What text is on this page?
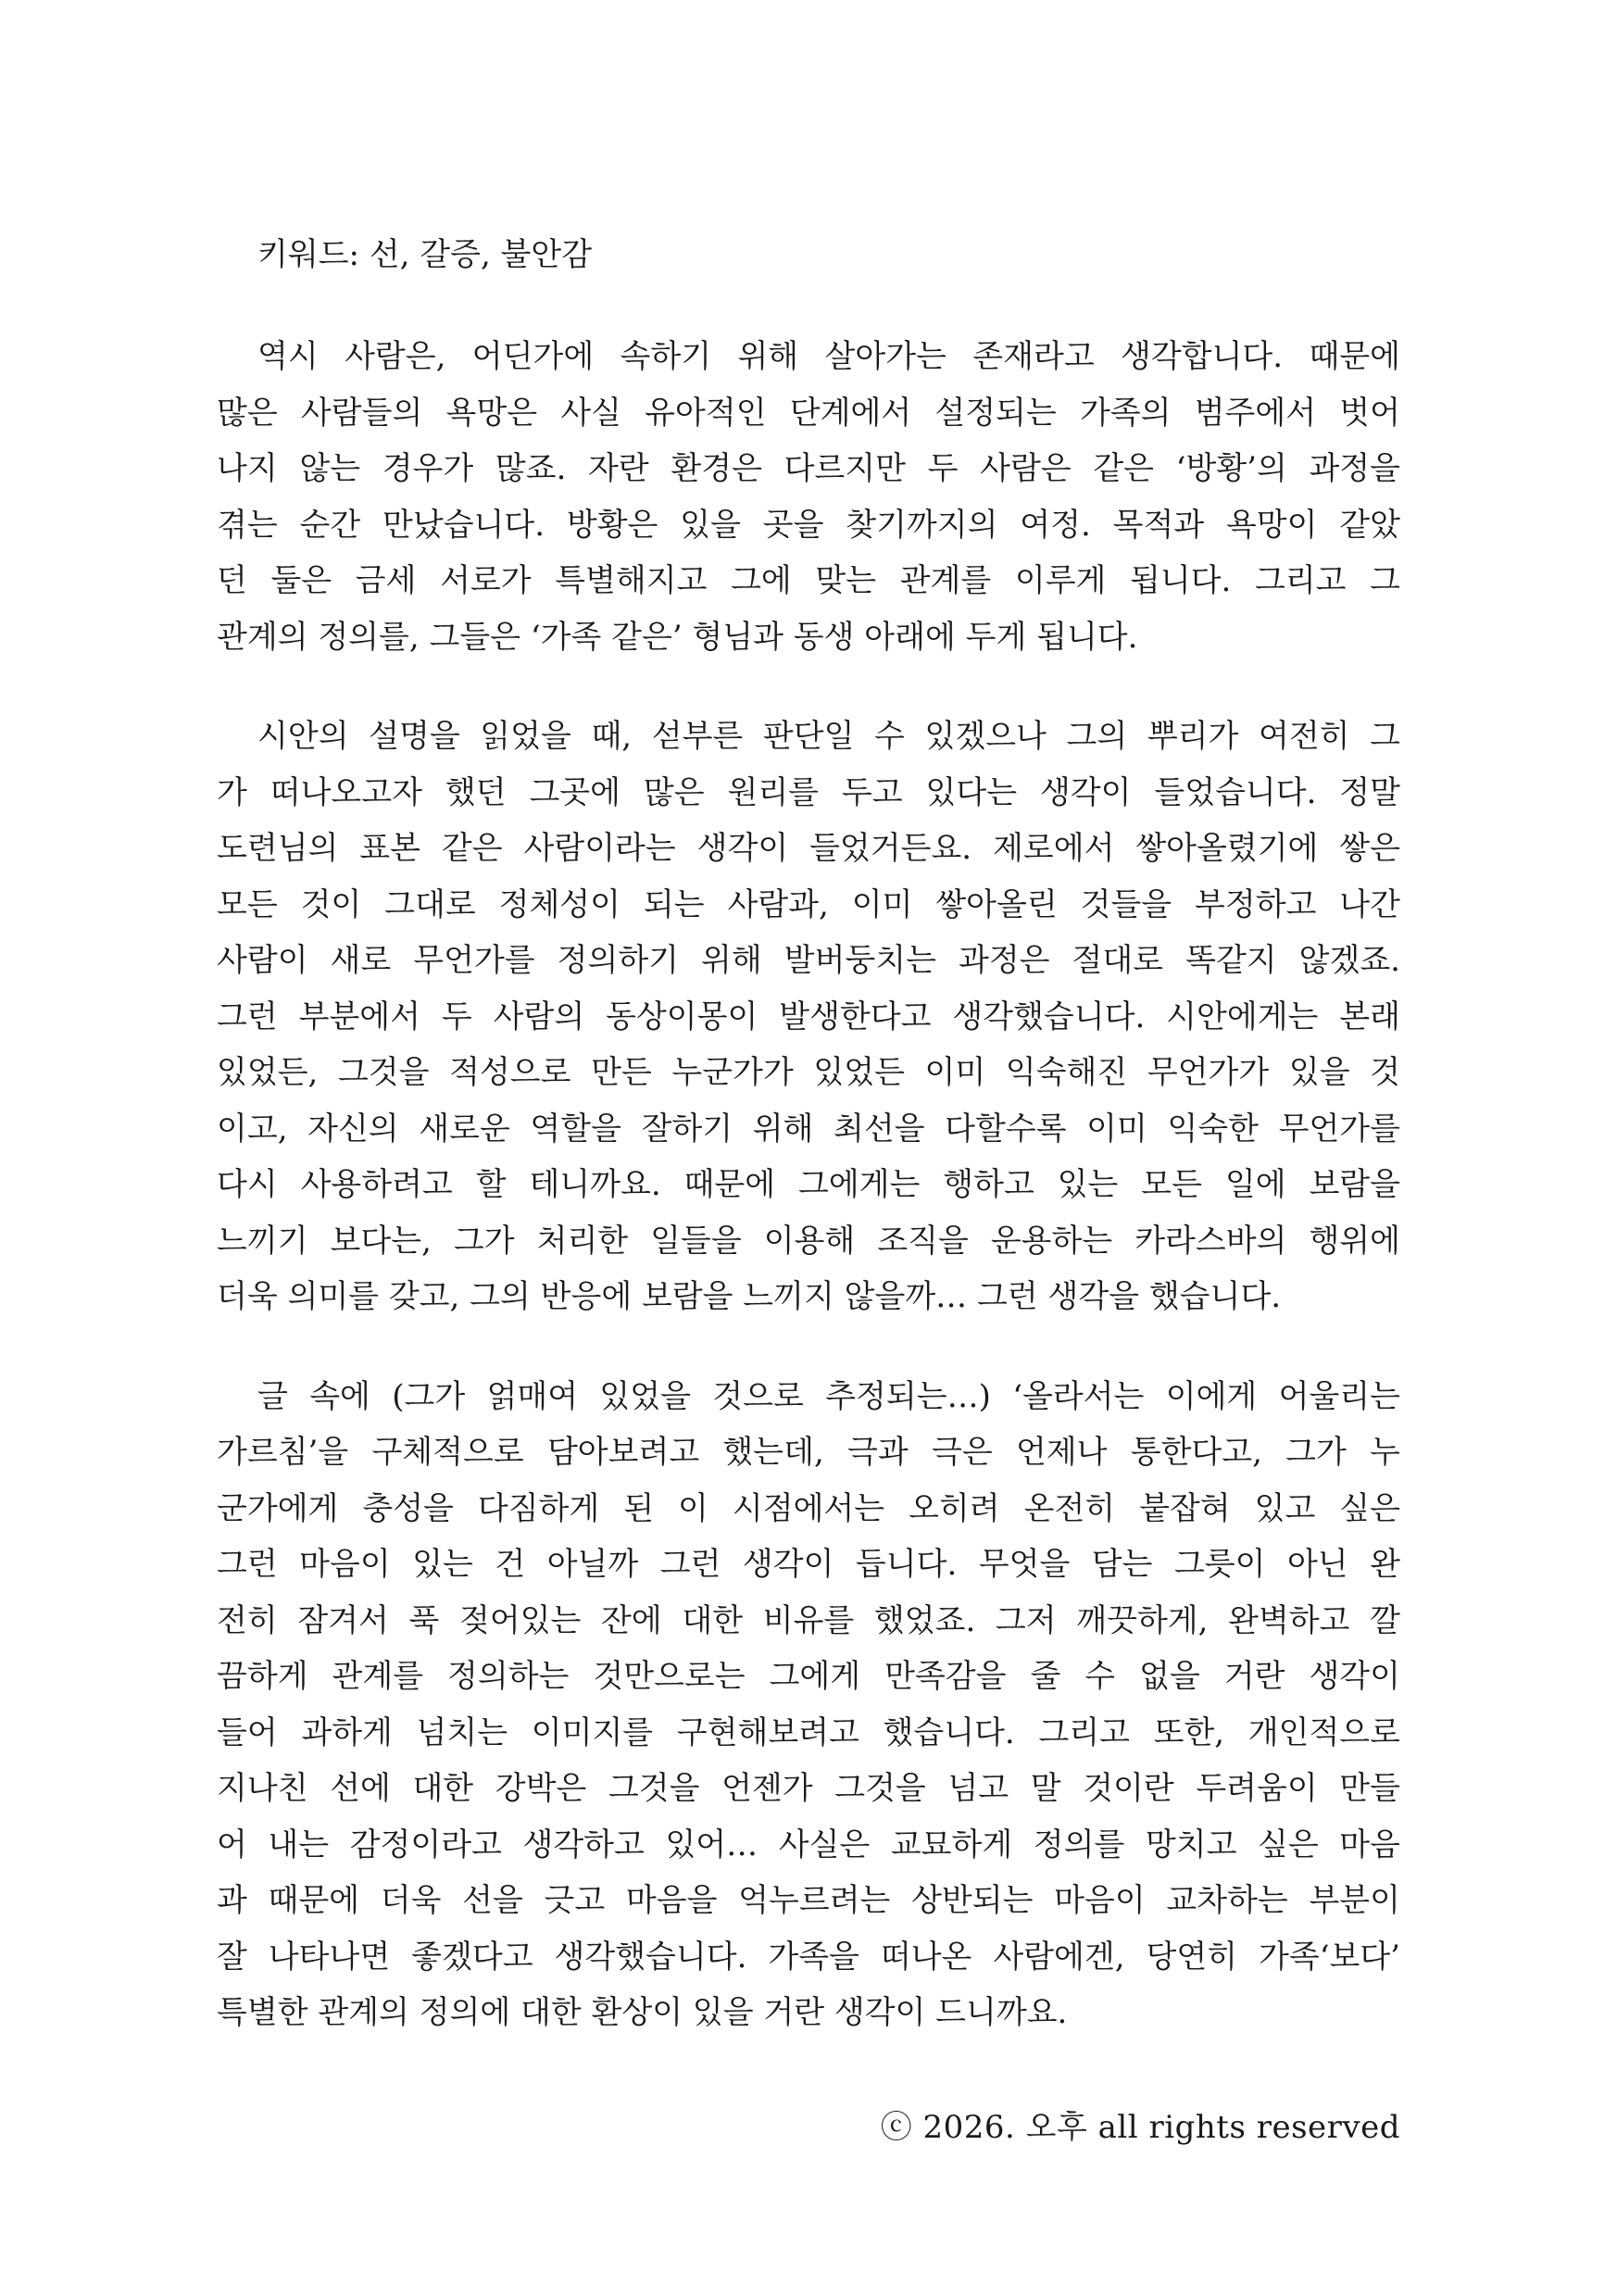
키워드: 선, 갈증, 불안감
역시 사람은, 어딘가에 속하기 위해 살아가는 존재라고 생각합니다. 때문에
많은 사람들의 욕망은 사실 유아적인 단계에서 설정되는 가족의 범주에서 벗어
나지 않는 경우가 많죠. 자란 환경은 다르지만 두 사람은 같은 ‘방황’의 과정을
겪는 순간 만났습니다. 방황은 있을 곳을 찾기까지의 여정. 목적과 욕망이 같았
던 둘은 금세 서로가 특별해지고 그에 맞는 관계를 이루게 됩니다. 그리고 그
관계의 정의를, 그들은 ‘가족 같은’ 형님과 동생 아래에 두게 됩니다.
시안의 설명을 읽었을 때, 섣부른 판단일 수 있겠으나 그의 뿌리가 여전히 그
가 떠나오고자 했던 그곳에 많은 원리를 두고 있다는 생각이 들었습니다. 정말
도련님의 표본 같은 사람이라는 생각이 들었거든요. 제로에서 쌓아올렸기에 쌓은
모든 것이 그대로 정체성이 되는 사람과, 이미 쌓아올린 것들을 부정하고 나간
사람이 새로 무언가를 정의하기 위해 발버둥치는 과정은 절대로 똑같지 않겠죠.
그런 부분에서 두 사람의 동상이몽이 발생한다고 생각했습니다. 시안에게는 본래
있었든, 그것을 적성으로 만든 누군가가 있었든 이미 익숙해진 무언가가 있을 것
이고, 자신의 새로운 역할을 잘하기 위해 최선을 다할수록 이미 익숙한 무언가를
다시 사용하려고 할 테니까요. 때문에 그에게는 행하고 있는 모든 일에 보람을
느끼기 보다는, 그가 처리한 일들을 이용해 조직을 운용하는 카라스바의 행위에
더욱 의미를 갖고, 그의 반응에 보람을 느끼지 않을까… 그런 생각을 했습니다.
글 속에 (그가 얽매여 있었을 것으로 추정되는…) ‘올라서는 이에게 어울리는
가르침’을 구체적으로 담아보려고 했는데, 극과 극은 언제나 통한다고, 그가 누
군가에게 충성을 다짐하게 된 이 시점에서는 오히려 온전히 붙잡혀 있고 싶은
그런 마음이 있는 건 아닐까 그런 생각이 듭니다. 무엇을 담는 그릇이 아닌 완
전히 잠겨서 푹 젖어있는 잔에 대한 비유를 했었죠. 그저 깨끗하게, 완벽하고 깔
끔하게 관계를 정의하는 것만으로는 그에게 만족감을 줄 수 없을 거란 생각이
들어 과하게 넘치는 이미지를 구현해보려고 했습니다. 그리고 또한, 개인적으로
지나친 선에 대한 강박은 그것을 언젠가 그것을 넘고 말 것이란 두려움이 만들
어 내는 감정이라고 생각하고 있어… 사실은 교묘하게 정의를 망치고 싶은 마음
과 때문에 더욱 선을 긋고 마음을 억누르려는 상반되는 마음이 교차하는 부분이
잘 나타나면 좋겠다고 생각했습니다. 가족을 떠나온 사람에겐, 당연히 가족‘보다’
특별한 관계의 정의에 대한 환상이 있을 거란 생각이 드니까요.
ⓒ 2026. 오후 all rights reserved
